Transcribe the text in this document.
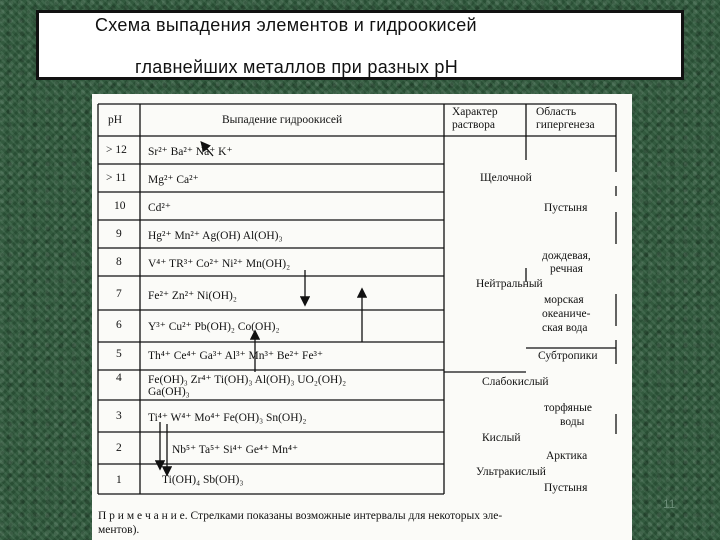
Схема выпадения элементов и гидроокисей
главнейших металлов при разных рН
рН	Выпадение гидроокисей
Характер раствора
Область гипергенеза
> 12
> 11
10
9
8
7
6
5
4
3
2
1
Sr²⁺ Ba²⁺ Na⁺ K⁺
Mg²⁺ Ca²⁺
Cd²⁺
Hg²⁺ Mn²⁺ Ag(OH) Al(OH)₃
V⁴⁺ TR³⁺ Co²⁺ Ni²⁺ Mn(OH)₂
Fe²⁺ Zn²⁺ Ni(OH)₂
Y³⁺ Cu²⁺ Pb(OH)₂ Co(OH)₂
Th⁴⁺ Ce⁴⁺ Ga³⁺ Al³⁺ Mn³⁺ Be²⁺ Fe³⁺
Fe(OH)₃ Zr⁴⁺ Ti(OH)₃ Al(OH)₃ UO₂(OH)₂
Ga(OH)₃
Ti⁴⁺ W⁴⁺ Mo⁴⁺ Fe(OH)₃ Sn(OH)₂
Nb⁵⁺ Ta⁵⁺ Si⁴⁺ Ge⁴⁺ Mn⁴⁺
Ti(OH)₄ Sb(OH)₃
Щелочной
Нейтральный
Слабокислый
Кислый
Ультракислый
Пустыня
дождевая,
речная
морская
океаниче-
ская вода
Субтропики
торфяные
воды
Арктика
Пустыня
П р и м е ч а н и е. Стрелками показаны возможные интервалы для некоторых эле-
ментов).
11
